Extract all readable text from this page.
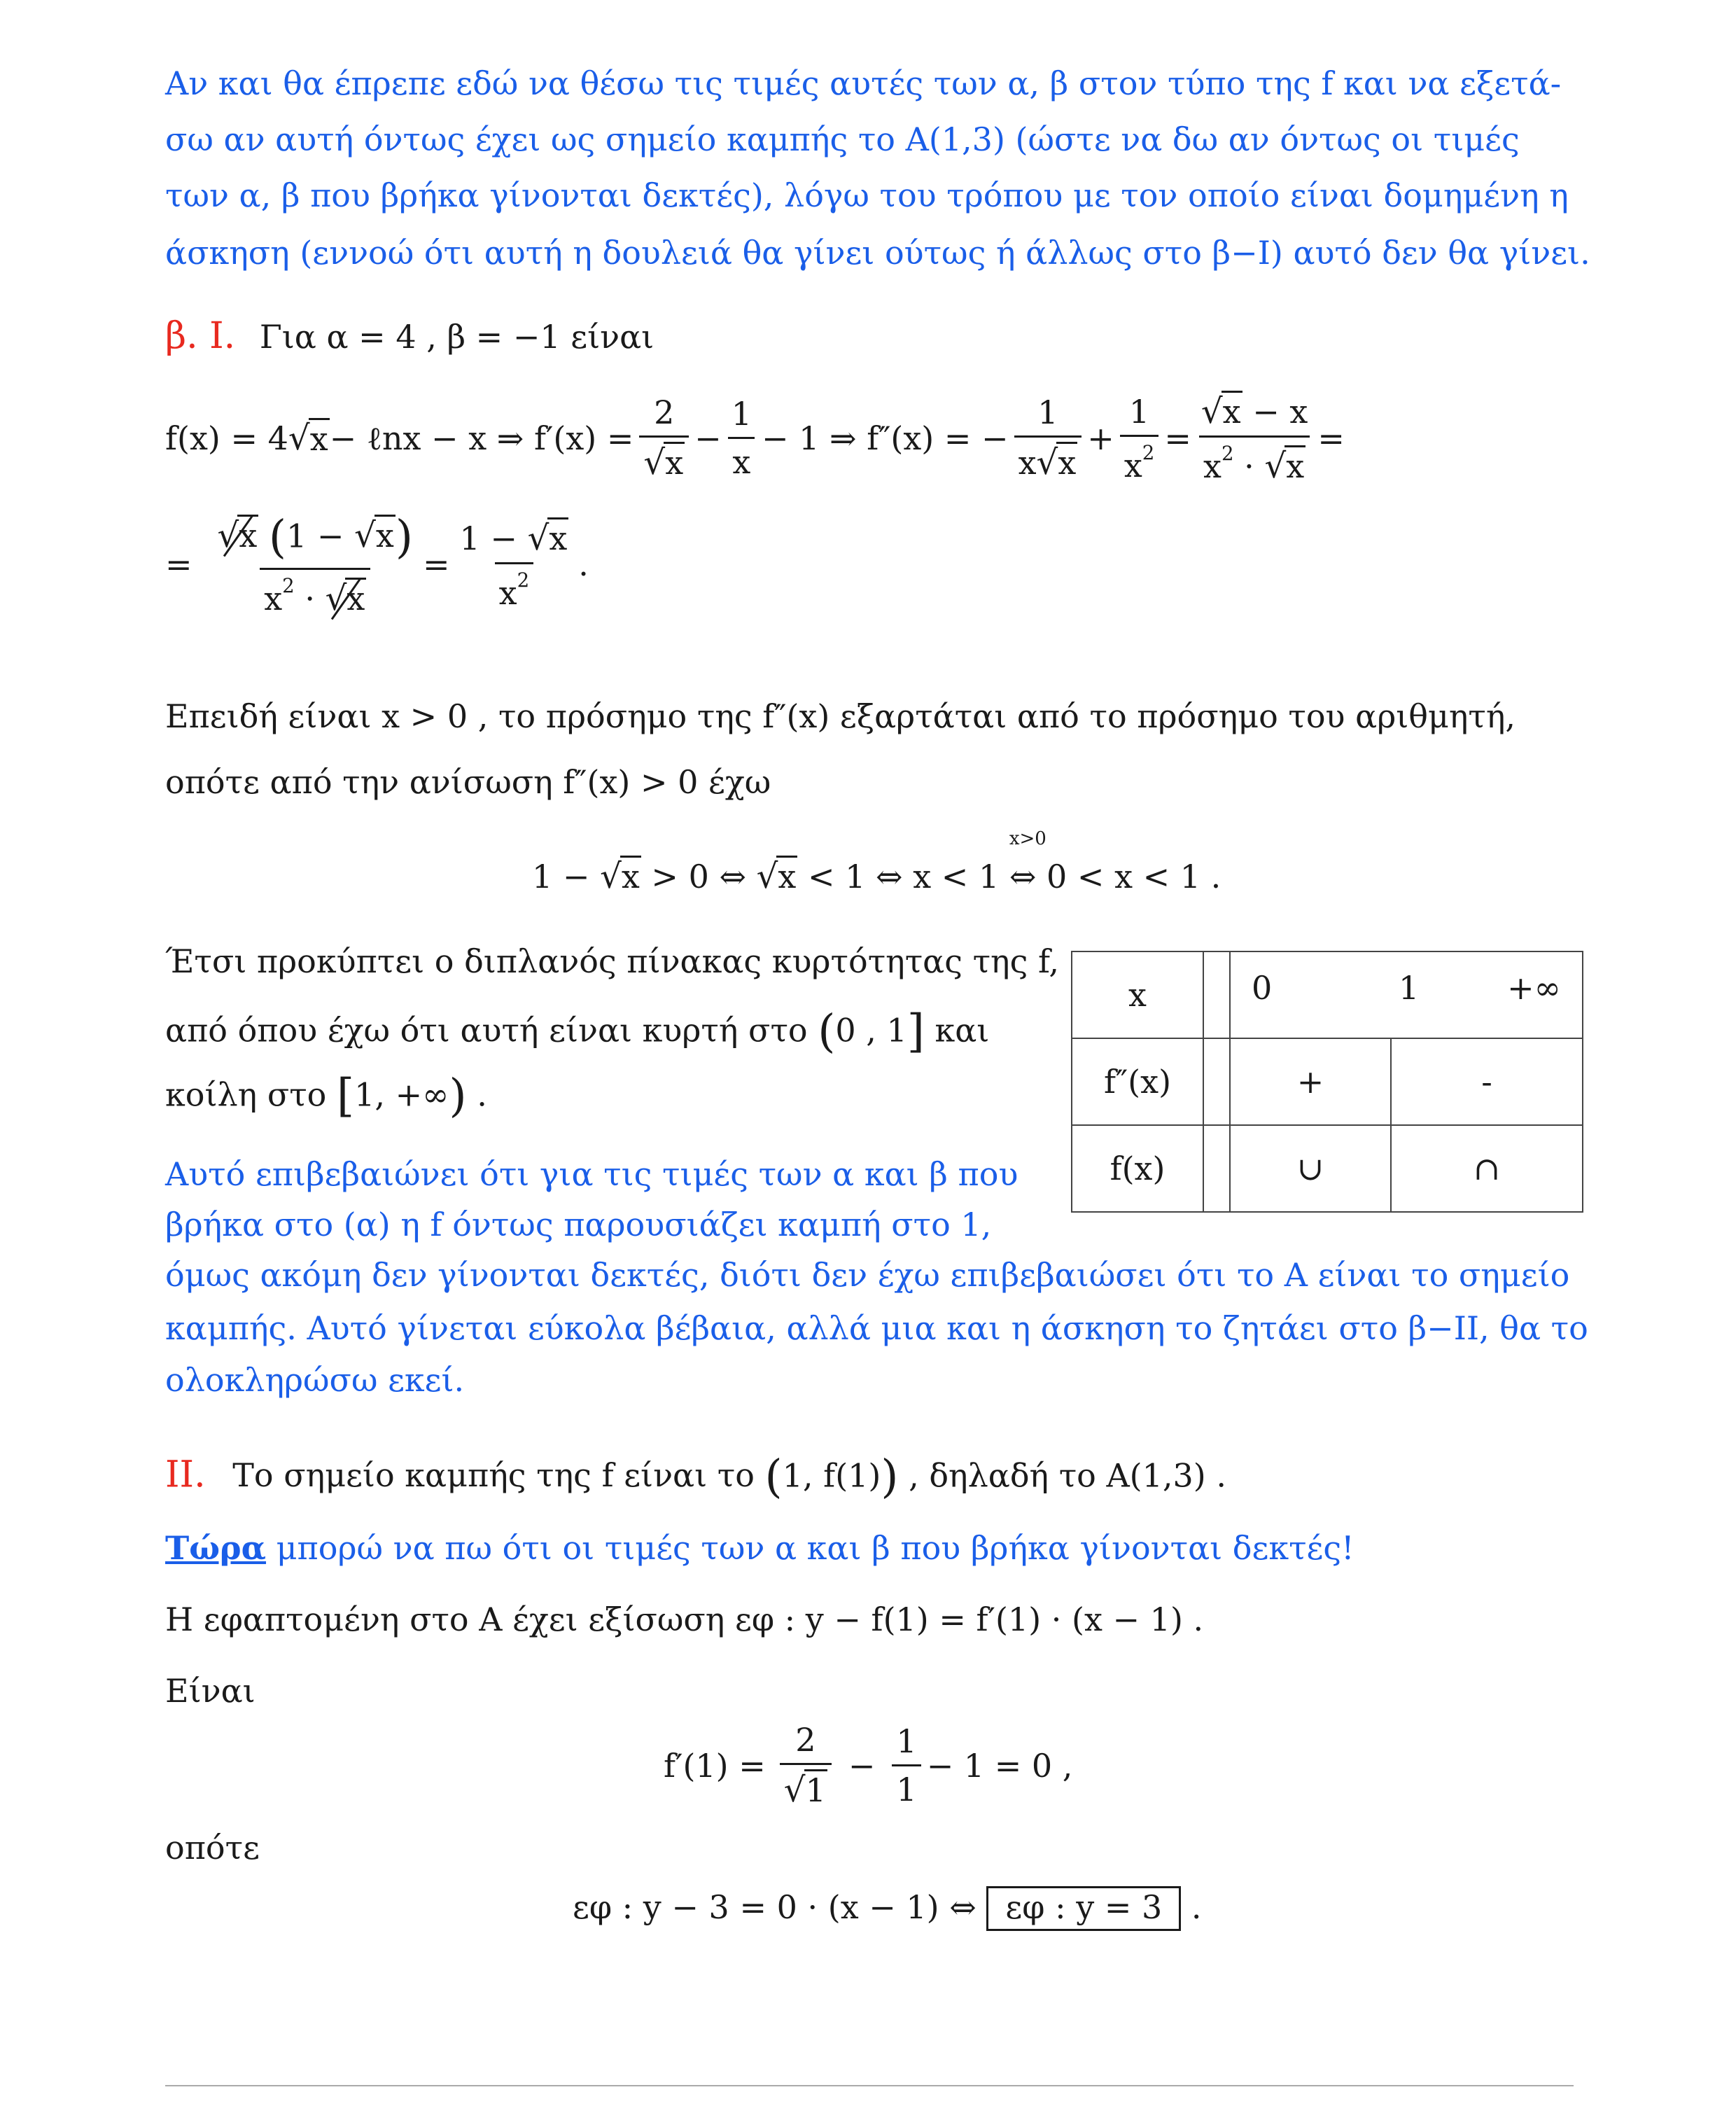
Αν και θα έπρεπε εδώ να θέσω τις τιμές αυτές των α, β στον τύπο της f και να εξετά-
σω αν αυτή όντως έχει ως σημείο καμπής το A(1,3) (ώστε να δω αν όντως οι τιμές
των α, β που βρήκα γίνονται δεκτές), λόγω του τρόπου με τον οποίο είναι δομημένη η
άσκηση (εννοώ ότι αυτή η δουλειά θα γίνει ούτως ή άλλως στο β−Ι) αυτό δεν θα γίνει.
β. Ι. Για α = 4 , β = −1 είναι
f(x) = 4 √ x − ℓnx − x ⇒ $f'(x) = \frac{2}{√x} - \frac{1}{x} - 1$ ⇒ f″(x) = − $\frac{1}{x√x} + \frac{1}{x^2} = \frac{√x - x}{x^2 \cdot √x}$ =
= $\frac{√x (1 - √x)}{x^2 \cdot √x} = \frac{1 - √x}{x^2}$ .
Επειδή είναι x > 0 , το πρόσημο της f″(x) εξαρτάται από το πρόσημο του αριθμητή,
οπότε από την ανίσωση f″(x) > 0 έχω
1 − √x > 0 ⇔ √x < 1 ⇔ x < 1
x>0
⇔ 0 < x < 1 .
Έτσι προκύπτει ο διπλανός πίνακας κυρτότητας της f,
από όπου έχω ότι αυτή είναι κυρτή στο (0 , 1] και
κοίλη στο [1, +∞) .
x		0 1 +∞	

f″(x)		+	-
f(x)		∪	∩
Αυτό επιβεβαιώνει ότι για τις τιμές των α και β που
βρήκα στο (α) η f όντως παρουσιάζει καμπή στο 1,
όμως ακόμη δεν γίνονται δεκτές, διότι δεν έχω επιβεβαιώσει ότι το A είναι το σημείο
καμπής. Αυτό γίνεται εύκολα βέβαια, αλλά μια και η άσκηση το ζητάει στο β−ΙΙ, θα το
ολοκληρώσω εκεί.
ΙΙ. Το σημείο καμπής της f είναι το (1, f(1)) , δηλαδή το A(1,3) .
Τώρα μπορώ να πω ότι οι τιμές των α και β που βρήκα γίνονται δεκτές!
Η εφαπτομένη στο A έχει εξίσωση εφ : y − f(1) = f′(1) · (x − 1) .
Είναι
$f'(1) = \frac{2}{√1} - \frac{1}{1} - 1 = 0$ ,
οπότε
εφ : y − 3 = 0 · (x − 1) ⇔ εφ : y = 3 .
